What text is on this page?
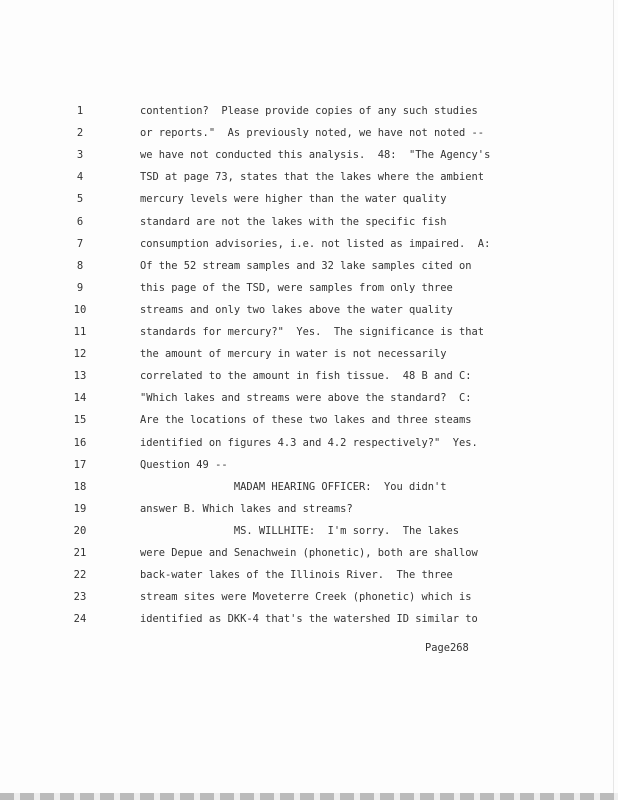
1	contention?  Please provide copies of any such studies
2	or reports."  As previously noted, we have not noted --
3	we have not conducted this analysis.  48:  "The Agency's
4	TSD at page 73, states that the lakes where the ambient
5	mercury levels were higher than the water quality
6	standard are not the lakes with the specific fish
7	consumption advisories, i.e. not listed as impaired.  A:
8	Of the 52 stream samples and 32 lake samples cited on
9	this page of the TSD, were samples from only three
10	streams and only two lakes above the water quality
11	standards for mercury?"  Yes.  The significance is that
12	the amount of mercury in water is not necessarily
13	correlated to the amount in fish tissue.  48 B and C:
14	"Which lakes and streams were above the standard?  C:
15	Are the locations of these two lakes and three steams
16	identified on figures 4.3 and 4.2 respectively?"  Yes.
17	Question 49 --
18	MADAM HEARING OFFICER:  You didn't
19	answer B. Which lakes and streams?
20	MS. WILLHITE:  I'm sorry.  The lakes
21	were Depue and Senachwein (phonetic), both are shallow
22	back-water lakes of the Illinois River.  The three
23	stream sites were Moveterre Creek (phonetic) which is
24	identified as DKK-4 that's the watershed ID similar to
Page268
